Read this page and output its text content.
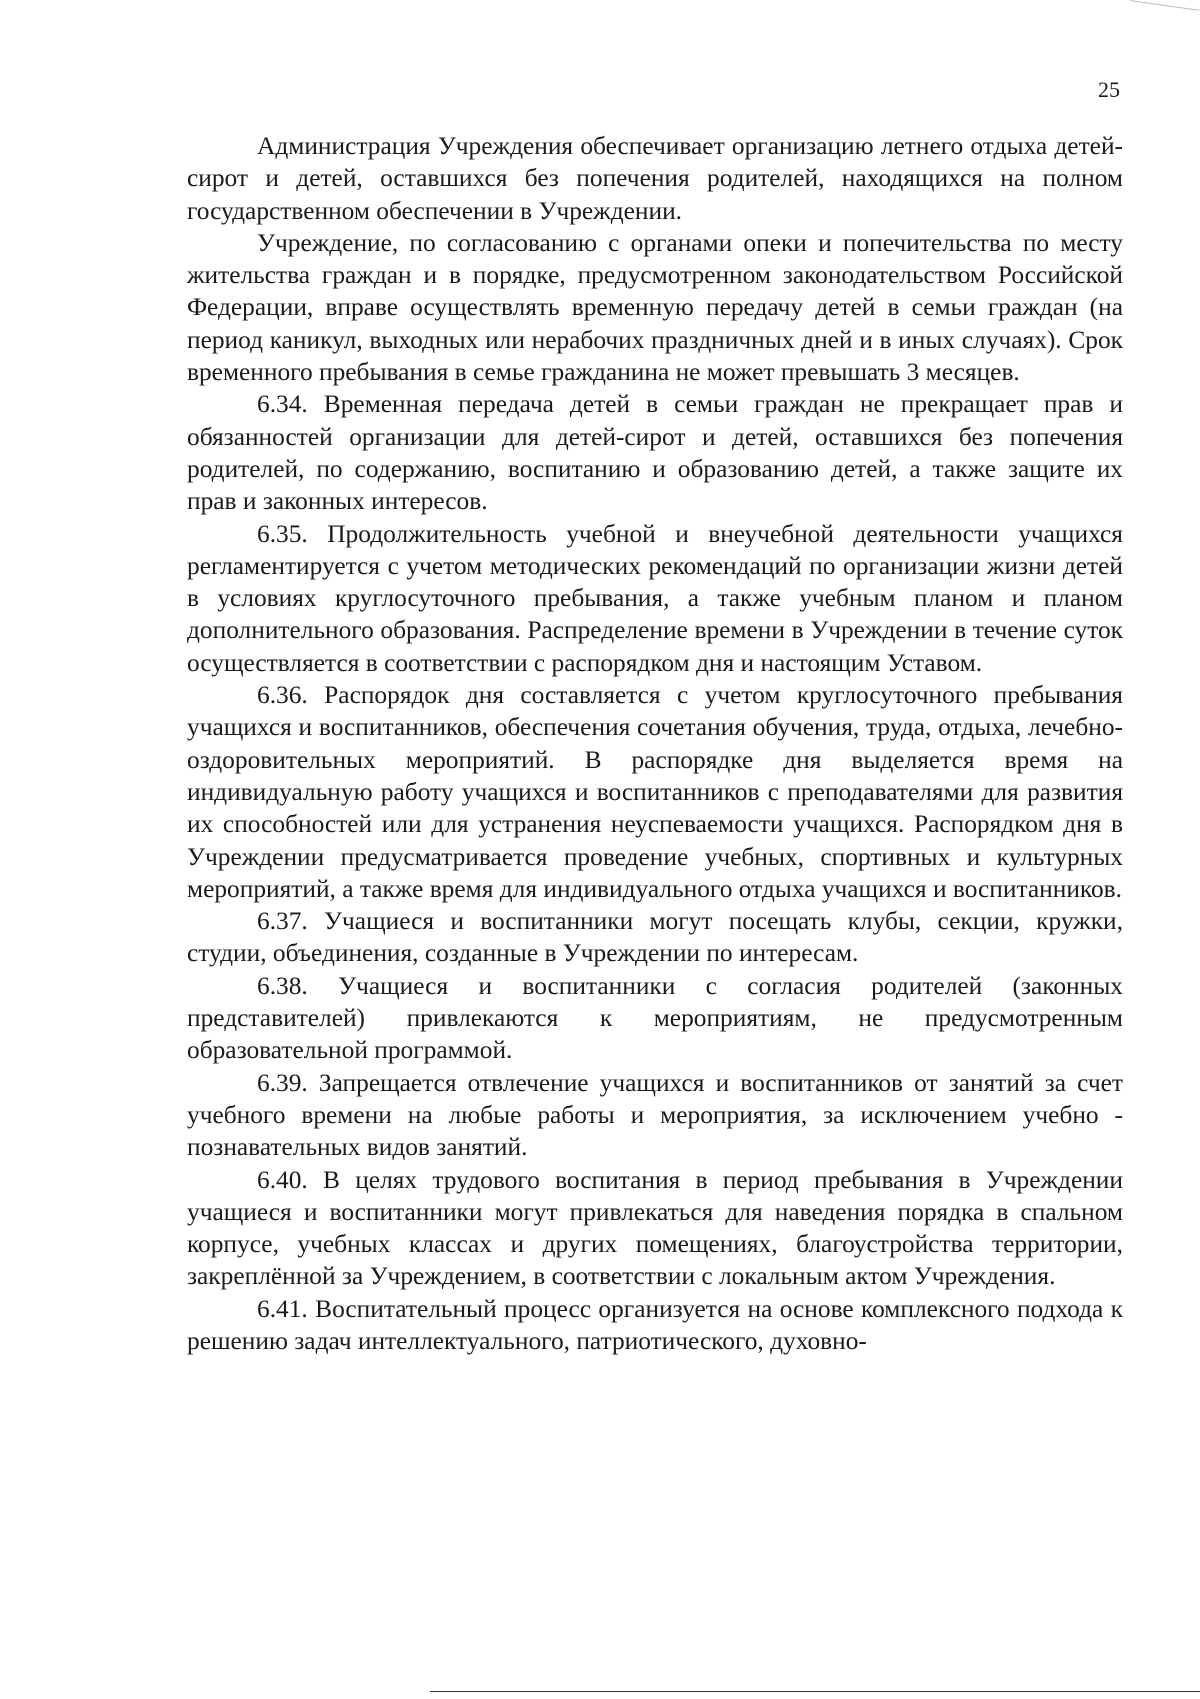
25

Администрация Учреждения обеспечивает организацию летнего отдыха детей-сирот и детей, оставшихся без попечения родителей, находящихся на полном государственном обеспечении в Учреждении.

Учреждение, по согласованию с органами опеки и попечительства по месту жительства граждан и в порядке, предусмотренном законодательством Российской Федерации, вправе осуществлять временную передачу детей в семьи граждан (на период каникул, выходных или нерабочих праздничных дней и в иных случаях). Срок временного пребывания в семье гражданина не может превышать 3 месяцев.

6.34. Временная передача детей в семьи граждан не прекращает прав и обязанностей организации для детей-сирот и детей, оставшихся без попечения родителей, по содержанию, воспитанию и образованию детей, а также защите их прав и законных интересов.

6.35. Продолжительность учебной и внеучебной деятельности учащихся регламентируется с учетом методических рекомендаций по организации жизни детей в условиях круглосуточного пребывания, а также учебным планом и планом дополнительного образования. Распределение времени в Учреждении в течение суток осуществляется в соответствии с распорядком дня и настоящим Уставом.

6.36. Распорядок дня составляется с учетом круглосуточного пребывания учащихся и воспитанников, обеспечения сочетания обучения, труда, отдыха, лечебно-оздоровительных мероприятий. В распорядке дня выделяется время на индивидуальную работу учащихся и воспитанников с преподавателями для развития их способностей или для устранения неуспеваемости учащихся. Распорядком дня в Учреждении предусматривается проведение учебных, спортивных и культурных мероприятий, а также время для индивидуального отдыха учащихся и воспитанников.

6.37. Учащиеся и воспитанники могут посещать клубы, секции, кружки, студии, объединения, созданные в Учреждении по интересам.

6.38. Учащиеся и воспитанники с согласия родителей (законных представителей) привлекаются к мероприятиям, не предусмотренным образовательной программой.

6.39. Запрещается отвлечение учащихся и воспитанников от занятий за счет учебного времени на любые работы и мероприятия, за исключением учебно - познавательных видов занятий.

6.40. В целях трудового воспитания в период пребывания в Учреждении учащиеся и воспитанники могут привлекаться для наведения порядка в спальном корпусе, учебных классах и других помещениях, благоустройства территории, закреплённой за Учреждением, в соответствии с локальным актом Учреждения.

6.41. Воспитательный процесс организуется на основе комплексного подхода к решению задач интеллектуального, патриотического, духовно-
